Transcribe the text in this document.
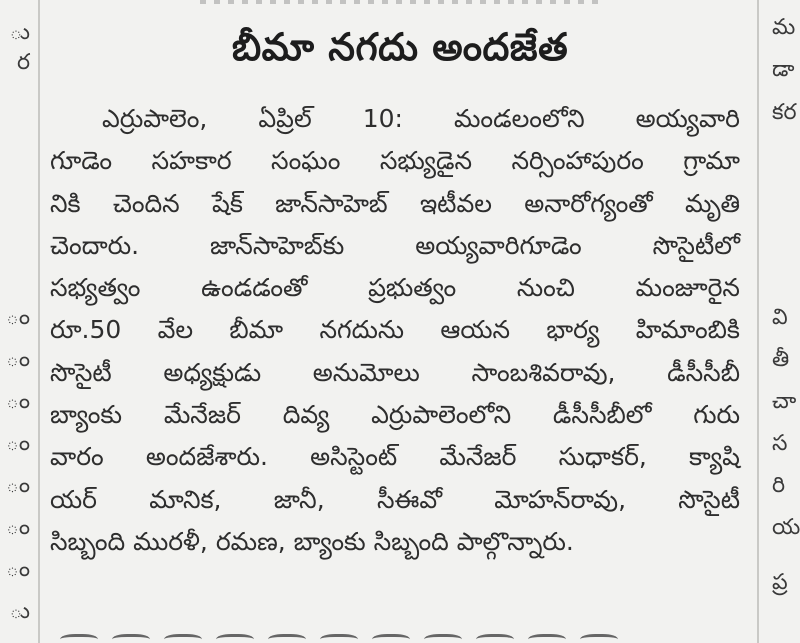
ు
ర
ం
ం
ం
ం
ం
ం
ం
ు
బీమా నగదు అందజేత
ఎర్రుపాలెం, ఏప్రిల్ 10: మండలంలోని అయ్యవారి
గూడెం సహకార సంఘం సభ్యుడైన నర్సింహాపురం గ్రామా
నికి చెందిన షేక్ జాన్‌సాహెబ్ ఇటీవల అనారోగ్యంతో మృతి
చెందారు. జాన్‌సాహెబ్‌కు అయ్యవారిగూడెం సొసైటీలో
సభ్యత్వం ఉండడంతో ప్రభుత్వం నుంచి మంజూరైన
రూ.50 వేల బీమా నగదును ఆయన భార్య హిమాంబికి
సొసైటీ అధ్యక్షుడు అనుమోలు సాంబశివరావు, డీసీసీబీ
బ్యాంకు మేనేజర్ దివ్య ఎర్రుపాలెంలోని డీసీసీబీలో గురు
వారం అందజేశారు. అసిస్టెంట్ మేనేజర్ సుధాకర్, క్యాషి
యర్ మానిక, జానీ, సీఈవో మోహన్‌రావు, సొసైటీ
సిబ్బంది మురళీ, రమణ, బ్యాంకు సిబ్బంది పాల్గొన్నారు.
మ
డా
కర
వి
తీ
చా
స
రి
య
ప్ర
